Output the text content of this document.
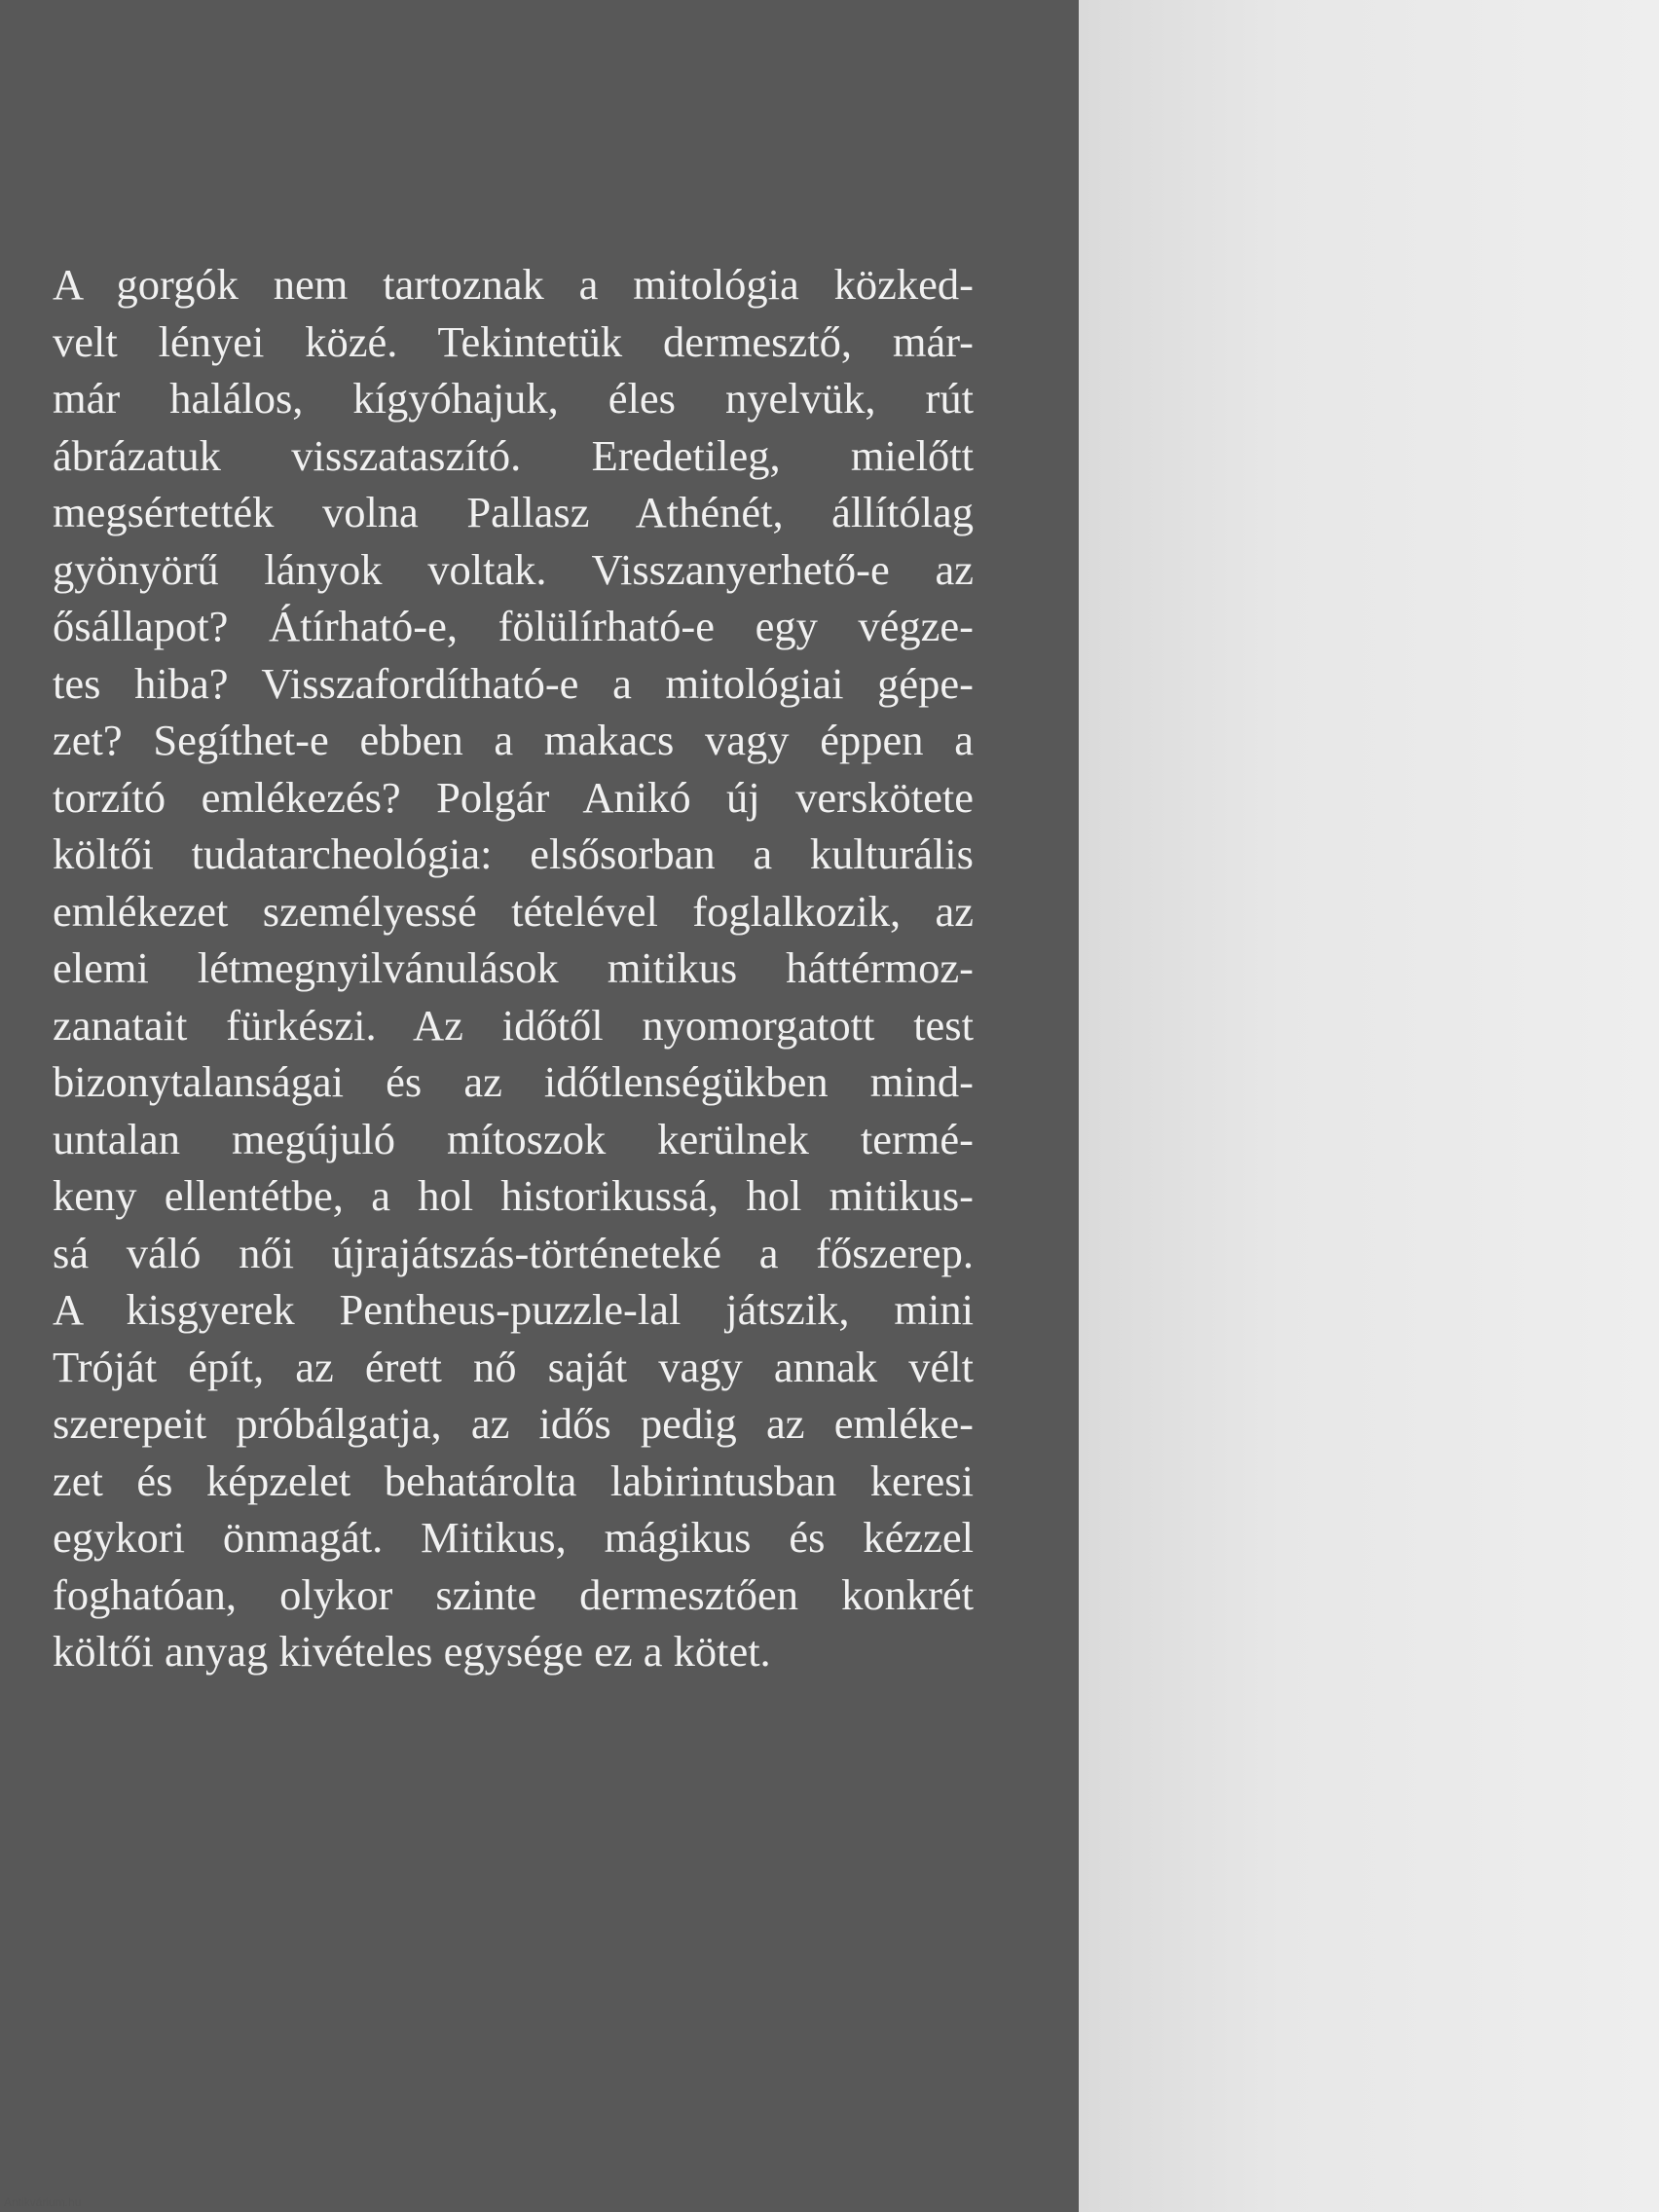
A gorgók nem tartoznak a mitológia közked-
velt lényei közé. Tekintetük dermesztő, már-
már halálos, kígyóhajuk, éles nyelvük, rút
ábrázatuk visszataszító. Eredetileg, mielőtt
megsértették volna Pallasz Athénét, állítólag
gyönyörű lányok voltak. Visszanyerhető-e az
ősállapot? Átírható-e, fölülírható-e egy végze-
tes hiba? Visszafordítható-e a mitológiai gépe-
zet? Segíthet-e ebben a makacs vagy éppen a
torzító emlékezés? Polgár Anikó új verskötete
költői tudatarcheológia: elsősorban a kulturális
emlékezet személyessé tételével foglalkozik, az
elemi létmegnyilvánulások mitikus háttérmoz-
zanatait fürkészi. Az időtől nyomorgatott test
bizonytalanságai és az időtlenségükben mind-
untalan megújuló mítoszok kerülnek termé-
keny ellentétbe, a hol historikussá, hol mitikus-
sá váló női újrajátszás-történeteké a főszerep.
A kisgyerek Pentheus-puzzle-lal játszik, mini
Tróját épít, az érett nő saját vagy annak vélt
szerepeit próbálgatja, az idős pedig az emléke-
zet és képzelet behatárolta labirintusban keresi
egykori önmagát. Mitikus, mágikus és kézzel
foghatóan, olykor szinte dermesztően konkrét
költői anyag kivételes egysége ez a kötet.
Antikvárium.hu
